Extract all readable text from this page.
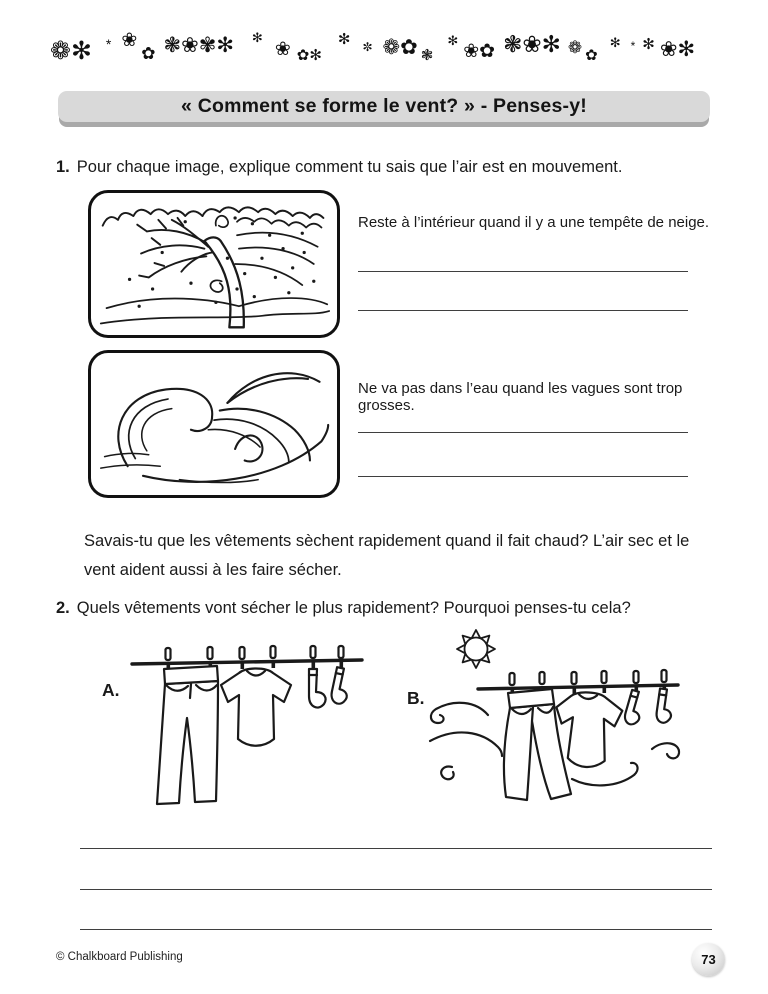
❁✻ * ❀
✿ ❃❀✾✻ ✻
❀ ✿✻
✻ ✼ ❁✿ ❃
✻
❀✿ ❃❀✻ ❁ ✿
✻ * ✻ ❀✻
« Comment se forme le vent? » - Penses-y!
1. Pour chaque image, explique comment tu sais que l’air est en mouvement.
Reste à l’intérieur quand il y a une tempête de neige.
Ne va pas dans l’eau quand les vagues sont trop grosses.
Savais-tu que les vêtements sèchent rapidement quand il fait chaud? L’air sec et le vent aident aussi à les faire sécher.
2. Quels vêtements vont sécher le plus rapidement? Pourquoi penses-tu cela?
A.	B.
© Chalkboard Publishing	73
